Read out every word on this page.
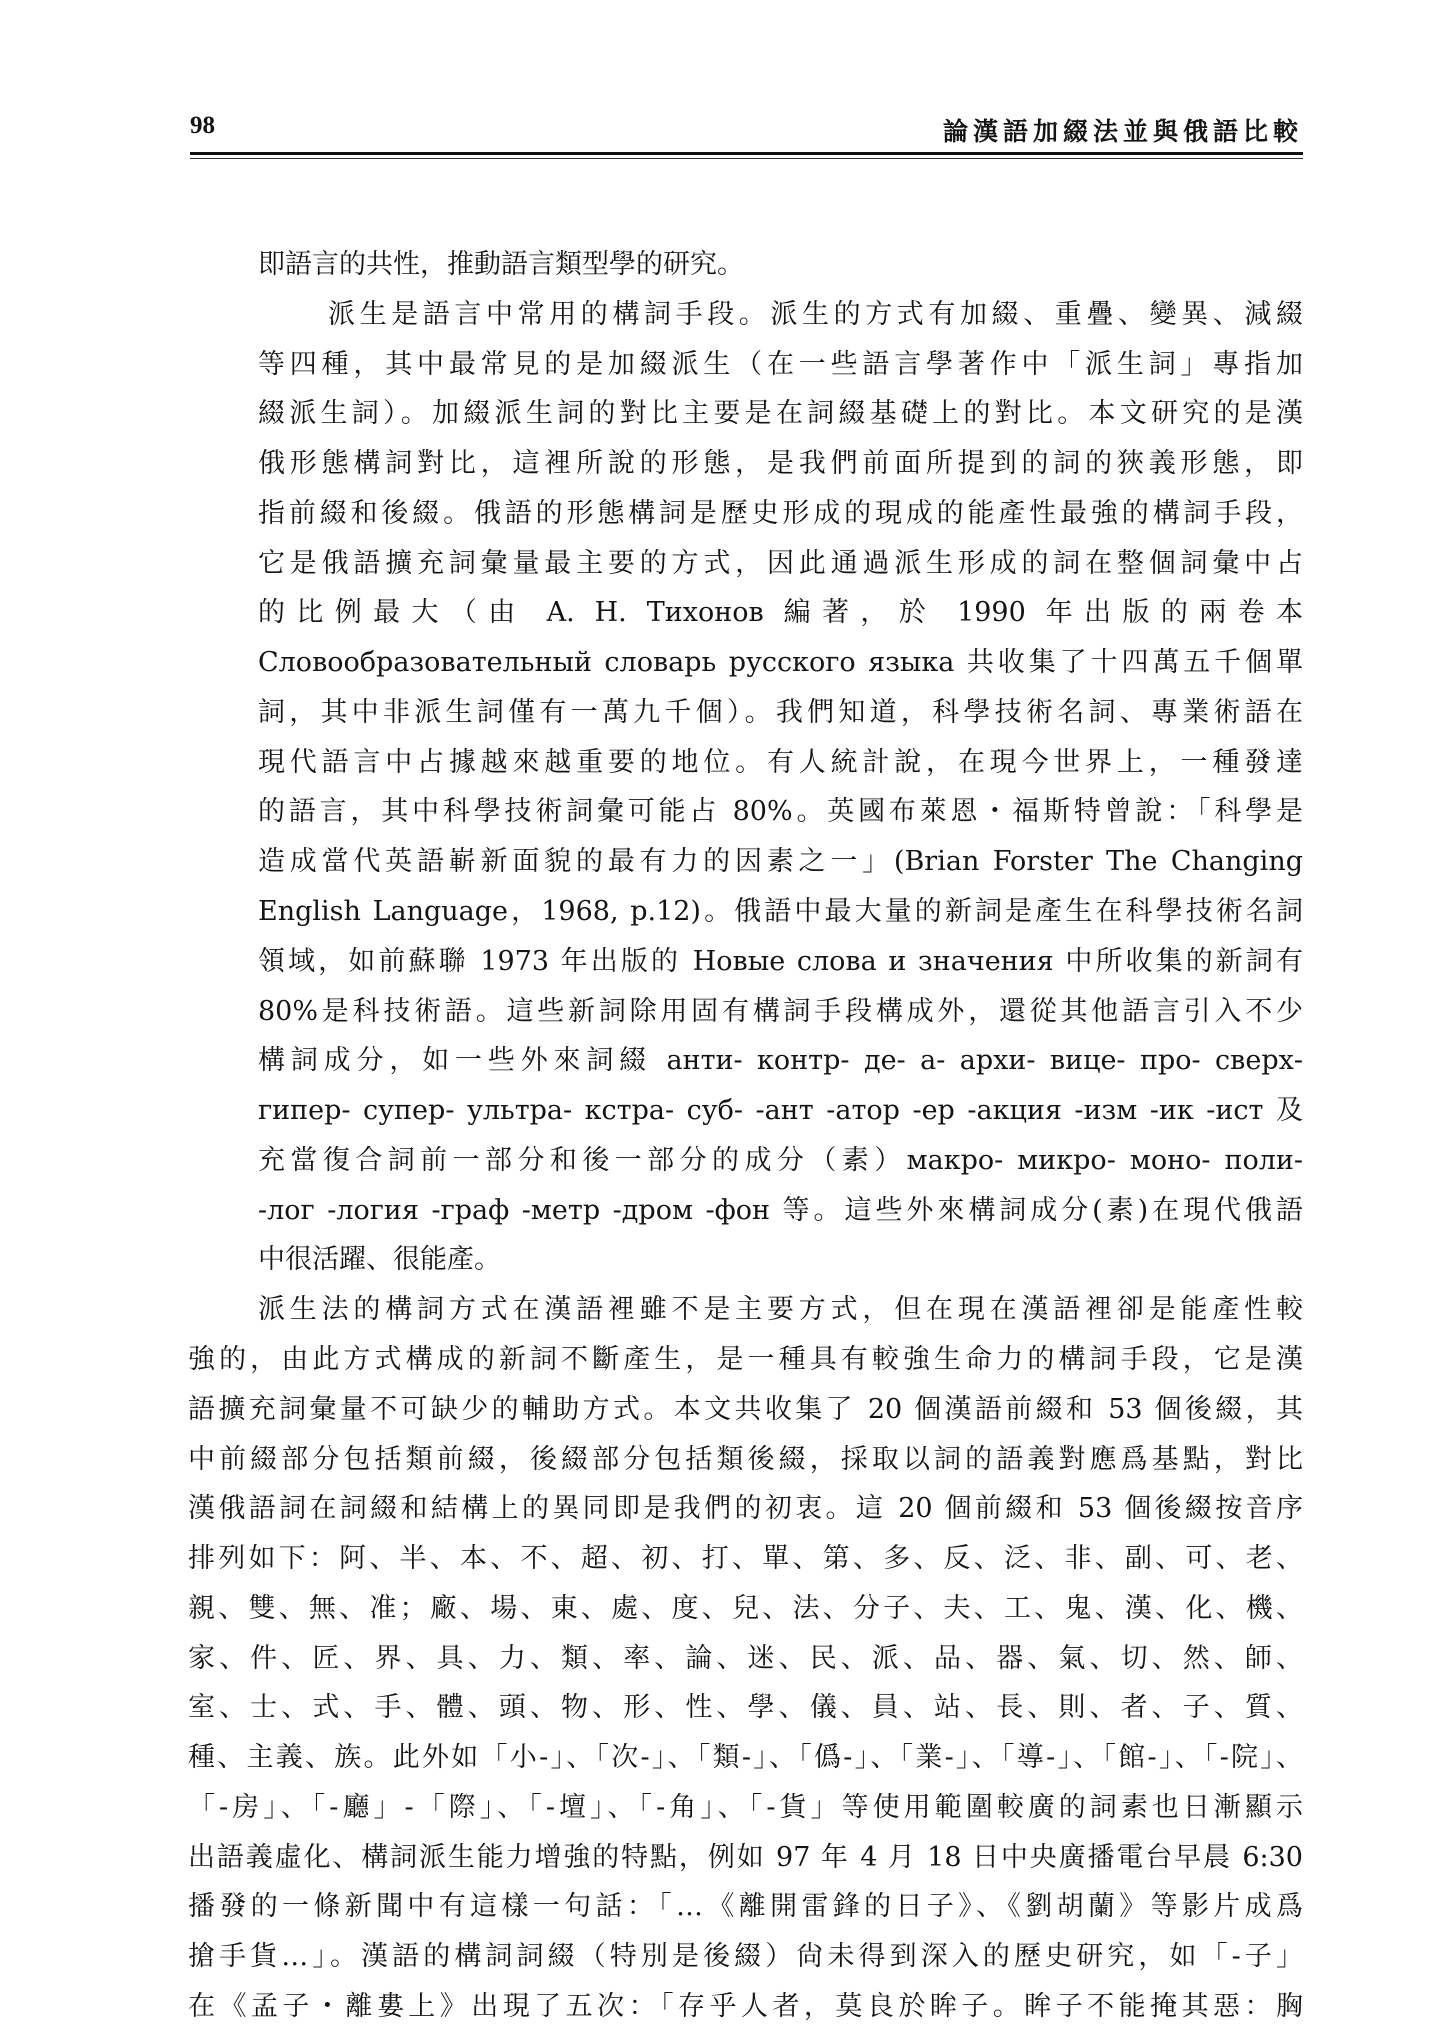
98	論漢語加綴法並與俄語比較
即語言的共性，推動語言類型學的研究。
派生是語言中常用的構詞手段。派生的方式有加綴、重疊、變異、減綴
等四種，其中最常見的是加綴派生（在一些語言學著作中「派生詞」專指加
綴派生詞）。加綴派生詞的對比主要是在詞綴基礎上的對比。本文研究的是漢
俄形態構詞對比，這裡所說的形態，是我們前面所提到的詞的狹義形態，即
指前綴和後綴。俄語的形態構詞是歷史形成的現成的能產性最強的構詞手段，
它是俄語擴充詞彙量最主要的方式，因此通過派生形成的詞在整個詞彙中占
的比例最大（由 A. H. Тихонов 編著，於 1990 年出版的兩卷本
Словообразовательный словарь русского языка 共收集了十四萬五千個單
詞，其中非派生詞僅有一萬九千個）。我們知道，科學技術名詞、專業術語在
現代語言中占據越來越重要的地位。有人統計說，在現今世界上，一種發達
的語言，其中科學技術詞彙可能占 80%。英國布萊恩・福斯特曾說：「科學是
造成當代英語嶄新面貌的最有力的因素之一」(Brian Forster The Changing
English Language，1968, p.12)。俄語中最大量的新詞是產生在科學技術名詞
領域，如前蘇聯 1973 年出版的 Новые слова и значения 中所收集的新詞有
80%是科技術語。這些新詞除用固有構詞手段構成外，還從其他語言引入不少
構詞成分，如一些外來詞綴 анти- контр- де- а- архи- вице- про- сверх-
гипер- супер- ультра- кстра- суб- -ант -атор -ер -акция -изм -ик -ист 及
充當復合詞前一部分和後一部分的成分（素）макро- микро- моно- поли-
-лог -логия -граф -метр -дром -фон 等。這些外來構詞成分(素)在現代俄語
中很活躍、很能產。
派生法的構詞方式在漢語裡雖不是主要方式，但在現在漢語裡卻是能產性較
強的，由此方式構成的新詞不斷產生，是一種具有較強生命力的構詞手段，它是漢
語擴充詞彙量不可缺少的輔助方式。本文共收集了 20 個漢語前綴和 53 個後綴，其
中前綴部分包括類前綴，後綴部分包括類後綴，採取以詞的語義對應爲基點，對比
漢俄語詞在詞綴和結構上的異同即是我們的初衷。這 20 個前綴和 53 個後綴按音序
排列如下：阿、半、本、不、超、初、打、單、第、多、反、泛、非、副、可、老、
親、雙、無、准；廠、場、東、處、度、兒、法、分子、夫、工、鬼、漢、化、機、
家、件、匠、界、具、力、類、率、論、迷、民、派、品、器、氣、切、然、師、
室、士、式、手、體、頭、物、形、性、學、儀、員、站、長、則、者、子、質、
種、主義、族。此外如「小-」、「次-」、「類-」、「僞-」、「業-」、「導-」、「館-」、「-院」、
「-房」、「-廳」-「際」、「-壇」、「-角」、「-貨」等使用範圍較廣的詞素也日漸顯示
出語義虛化、構詞派生能力增強的特點，例如 97 年 4 月 18 日中央廣播電台早晨 6:30
播發的一條新聞中有這樣一句話：「…《離開雷鋒的日子》、《劉胡蘭》等影片成爲
搶手貨…」。漢語的構詞詞綴（特別是後綴）尙未得到深入的歷史研究，如「-子」
在《孟子・離婁上》出現了五次：「存乎人者，莫良於眸子。眸子不能掩其惡：胸
